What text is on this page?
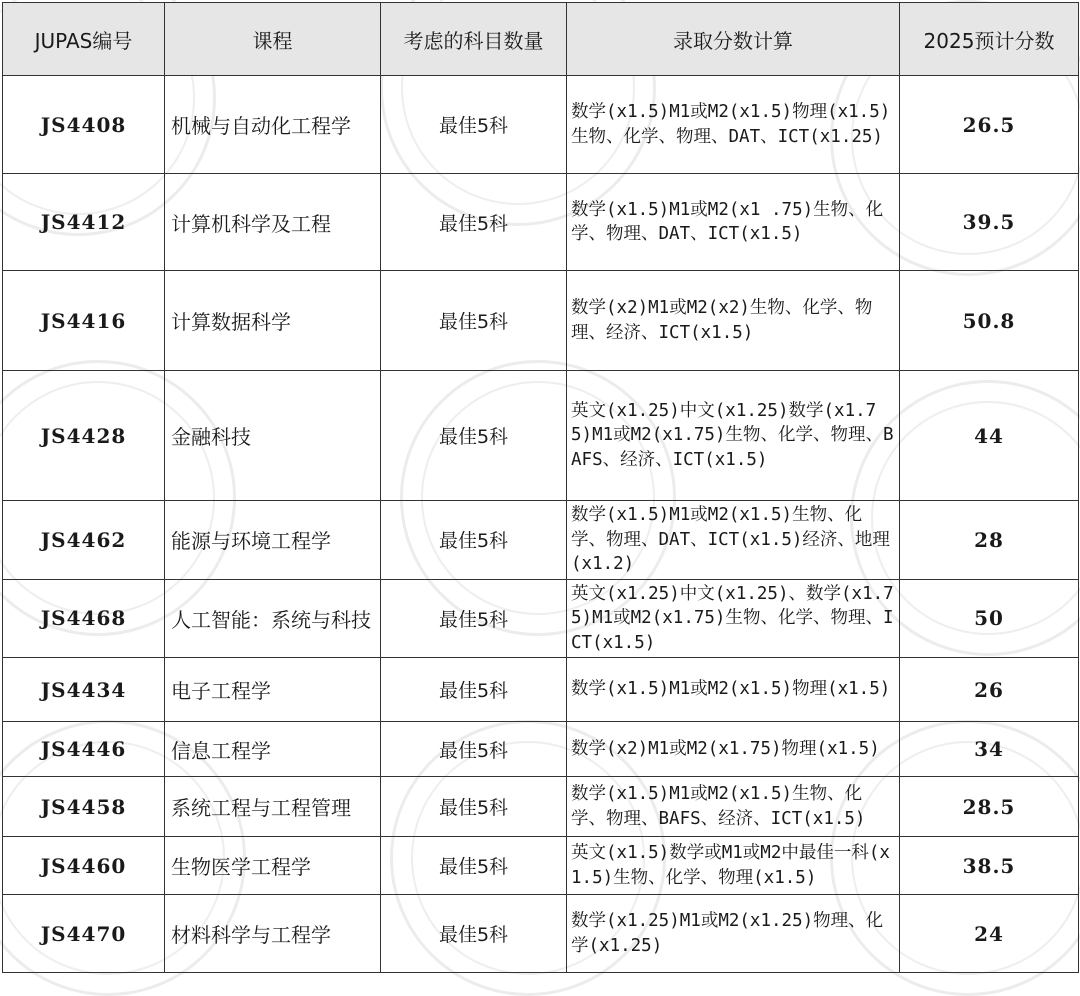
JUPAS编号	课程	考虑的科目数量	录取分数计算	2025预计分数
JS4408	机械与自动化工程学	最佳5科	数学(x1.5)M1或M2(x1.5)物理(x1.5)生物、化学、物理、DAT、ICT(x1.25)	26.5
JS4412	计算机科学及工程	最佳5科	数学(x1.5)M1或M2(x1 .75)生物、化学、物理、DAT、ICT(x1.5)	39.5
JS4416	计算数据科学	最佳5科	数学(x2)M1或M2(x2)生物、化学、物理、经济、ICT(x1.5)	50.8
JS4428	金融科技	最佳5科	英文(x1.25)中文(x1.25)数学(x1.75)M1或M2(x1.75)生物、化学、物理、BAFS、经济、ICT(x1.5)	44
JS4462	能源与环境工程学	最佳5科	数学(x1.5)M1或M2(x1.5)生物、化学、物理、DAT、ICT(x1.5)经济、地理(x1.2)	28
JS4468	人工智能：系统与科技	最佳5科	英文(x1.25)中文(x1.25)、数学(x1.75)M1或M2(x1.75)生物、化学、物理、ICT(x1.5)	50
JS4434	电子工程学	最佳5科	数学(x1.5)M1或M2(x1.5)物理(x1.5)	26
JS4446	信息工程学	最佳5科	数学(x2)M1或M2(x1.75)物理(x1.5)	34
JS4458	系统工程与工程管理	最佳5科	数学(x1.5)M1或M2(x1.5)生物、化学、物理、BAFS、经济、ICT(x1.5)	28.5
JS4460	生物医学工程学	最佳5科	英文(x1.5)数学或M1或M2中最佳一科(x1.5)生物、化学、物理(x1.5)	38.5
JS4470	材料科学与工程学	最佳5科	数学(x1.25)M1或M2(x1.25)物理、化学(x1.25)	24
